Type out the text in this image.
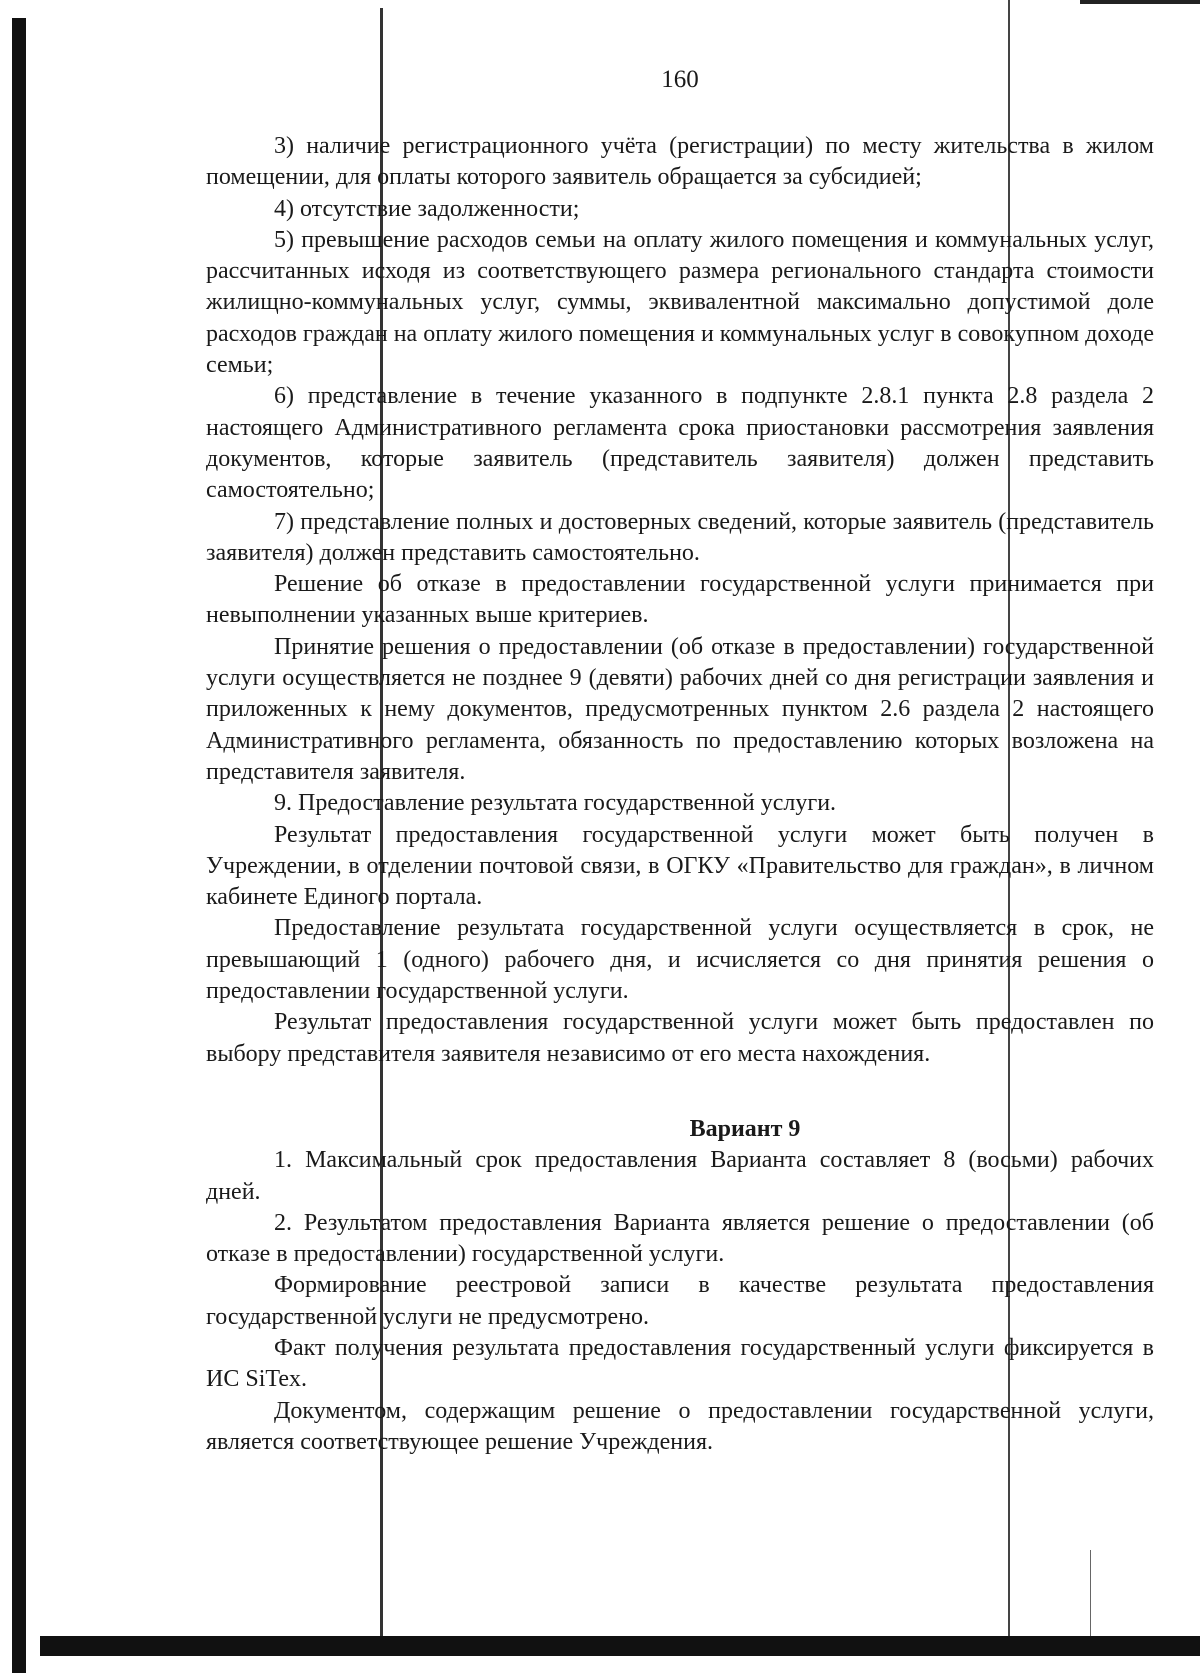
160

3) наличие регистрационного учёта (регистрации) по месту жительства в жилом помещении, для оплаты которого заявитель обращается за субсидией;

4) отсутствие задолженности;

5) превышение расходов семьи на оплату жилого помещения и коммунальных услуг, рассчитанных исходя из соответствующего размера регионального стандарта стоимости жилищно-коммунальных услуг, суммы, эквивалентной максимально допустимой доле расходов граждан на оплату жилого помещения и коммунальных услуг в совокупном доходе семьи;

6) представление в течение указанного в подпункте 2.8.1 пункта 2.8 раздела 2 настоящего Административного регламента срока приостановки рассмотрения заявления документов, которые заявитель (представитель заявителя) должен представить самостоятельно;

7) представление полных и достоверных сведений, которые заявитель (представитель заявителя) должен представить самостоятельно.

Решение об отказе в предоставлении государственной услуги принимается при невыполнении указанных выше критериев.

Принятие решения о предоставлении (об отказе в предоставлении) государственной услуги осуществляется не позднее 9 (девяти) рабочих дней со дня регистрации заявления и приложенных к нему документов, предусмотренных пунктом 2.6 раздела 2 настоящего Административного регламента, обязанность по предоставлению которых возложена на представителя заявителя.

9. Предоставление результата государственной услуги.

Результат предоставления государственной услуги может быть получен в Учреждении, в отделении почтовой связи, в ОГКУ «Правительство для граждан», в личном кабинете Единого портала.

Предоставление результата государственной услуги осуществляется в срок, не превышающий 1 (одного) рабочего дня, и исчисляется со дня принятия решения о предоставлении государственной услуги.

Результат предоставления государственной услуги может быть предоставлен по выбору представителя заявителя независимо от его места нахождения.

Вариант 9

1. Максимальный срок предоставления Варианта составляет 8 (восьми) рабочих дней.

2. Результатом предоставления Варианта является решение о предоставлении (об отказе в предоставлении) государственной услуги.

Формирование реестровой записи в качестве результата предоставления государственной услуги не предусмотрено.

Факт получения результата предоставления государственный услуги фиксируется в ИС SiTex.

Документом, содержащим решение о предоставлении государственной услуги, является соответствующее решение Учреждения.
